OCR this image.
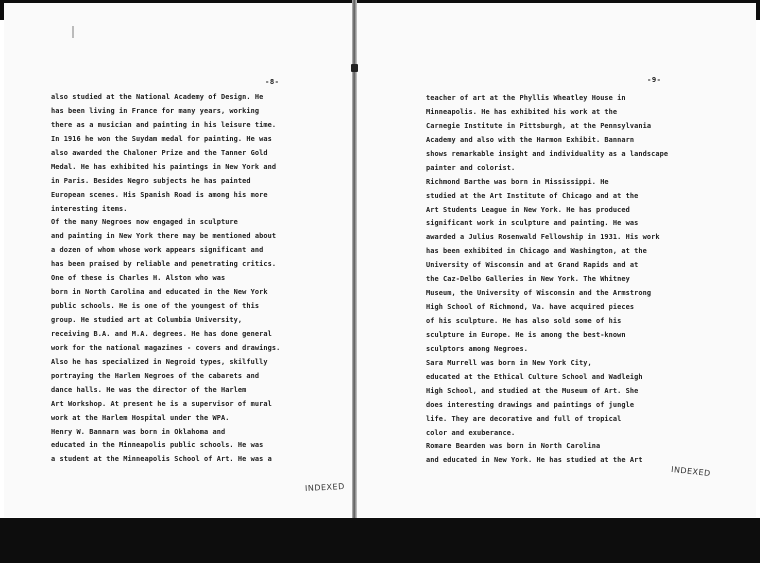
-8-	-9-
also studied at the National Academy of Design. He
has been living in France for many years, working
there as a musician and painting in his leisure time.
In 1916 he won the Suydam medal for painting. He was
also awarded the Chaloner Prize and the Tanner Gold
Medal. He has exhibited his paintings in New York and
in Paris. Besides Negro subjects he has painted
European scenes. His Spanish Road is among his more
interesting items.
Of the many Negroes now engaged in sculpture
and painting in New York there may be mentioned about
a dozen of whom whose work appears significant and
has been praised by reliable and penetrating critics.
One of these is Charles H. Alston who was
born in North Carolina and educated in the New York
public schools. He is one of the youngest of this
group. He studied art at Columbia University,
receiving B.A. and M.A. degrees. He has done general
work for the national magazines - covers and drawings.
Also he has specialized in Negroid types, skilfully
portraying the Harlem Negroes of the cabarets and
dance halls. He was the director of the Harlem
Art Workshop. At present he is a supervisor of mural
work at the Harlem Hospital under the WPA.
Henry W. Bannarn was born in Oklahoma and
educated in the Minneapolis public schools. He was
a student at the Minneapolis School of Art. He was a
teacher of art at the Phyllis Wheatley House in
Minneapolis. He has exhibited his work at the
Carnegie Institute in Pittsburgh, at the Pennsylvania
Academy and also with the Harmon Exhibit. Bannarn
shows remarkable insight and individuality as a landscape
painter and colorist.
Richmond Barthe was born in Mississippi. He
studied at the Art Institute of Chicago and at the
Art Students League in New York. He has produced
significant work in sculpture and painting. He was
awarded a Julius Rosenwald Fellowship in 1931. His work
has been exhibited in Chicago and Washington, at the
University of Wisconsin and at Grand Rapids and at
the Caz-Delbo Galleries in New York. The Whitney
Museum, the University of Wisconsin and the Armstrong
High School of Richmond, Va. have acquired pieces
of his sculpture. He has also sold some of his
sculpture in Europe. He is among the best-known
sculptors among Negroes.
Sara Murrell was born in New York City,
educated at the Ethical Culture School and Wadleigh
High School, and studied at the Museum of Art. She
does interesting drawings and paintings of jungle
life. They are decorative and full of tropical
color and exuberance.
Romare Bearden was born in North Carolina
and educated in New York. He has studied at the Art
INDEXED
INDEXED
